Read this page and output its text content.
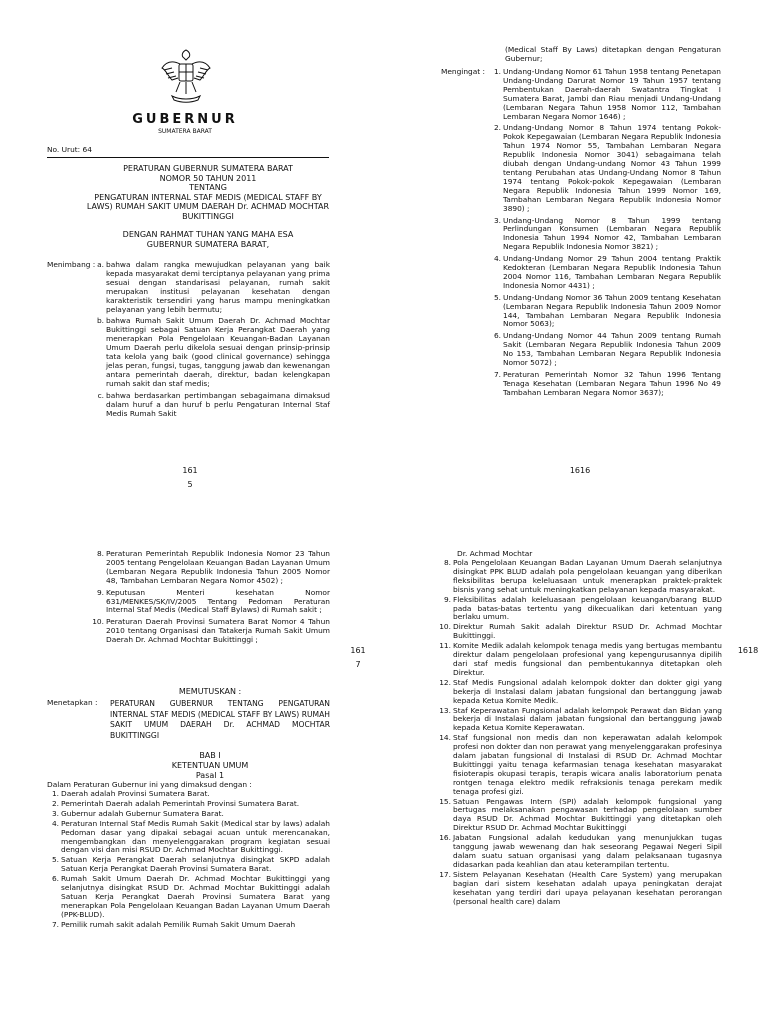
GUBERNUR
SUMATERA BARAT
No. Urut: 64
PERATURAN GUBERNUR SUMATERA BARAT
NOMOR 50 TAHUN 2011
TENTANG
PENGATURAN INTERNAL STAF MEDIS (MEDICAL STAFF BY LAWS) RUMAH SAKIT UMUM DAERAH Dr. ACHMAD MOCHTAR BUKITTINGGI
DENGAN RAHMAT TUHAN YANG MAHA ESA
GUBERNUR SUMATERA BARAT,
Menimbang : a. bahwa dalam rangka mewujudkan pelayanan yang baik kepada masyarakat demi terciptanya pelayanan yang prima sesuai dengan standarisasi pelayanan, rumah sakit merupakan institusi pelayanan kesehatan dengan karakteristik tersendiri yang harus mampu meningkatkan pelayanan yang lebih bermutu;
b. bahwa Rumah Sakit Umum Daerah Dr. Achmad Mochtar Bukittinggi sebagai Satuan Kerja Perangkat Daerah yang menerapkan Pola Pengelolaan Keuangan-Badan Layanan Umum Daerah perlu dikelola sesuai dengan prinsip-prinsip tata kelola yang baik (good clinical governance) sehingga jelas peran, fungsi, tugas, tanggung jawab dan kewenangan antara pemerintah daerah, direktur, badan kelengkapan rumah sakit dan staf medis;
c. bahwa berdasarkan pertimbangan sebagaimana dimaksud dalam huruf a dan huruf b perlu Pengaturan Internal Staf Medis Rumah Sakit
(Medical Staff By Laws) ditetapkan dengan Pengaturan Gubernur;
Mengingat :	1. Undang-Undang Nomor 61 Tahun 1958 tentang Penetapan Undang-Undang Darurat Nomor 19 Tahun 1957 tentang Pembentukan Daerah-daerah Swatantra Tingkat I Sumatera Barat, Jambi dan Riau menjadi Undang-Undang (Lembaran Negara Tahun 1958 Nomor 112, Tambahan Lembaran Negara Nomor 1646) ;
2. Undang-Undang Nomor 8 Tahun 1974 tentang Pokok-Pokok Kepegawaian (Lembaran Negara Republik Indonesia Tahun 1974 Nomor 55, Tambahan Lembaran Negara Republik Indonesia Nomor 3041) sebagaimana telah diubah dengan Undang-undang Nomor 43 Tahun 1999 tentang Perubahan atas Undang-Undang Nomor 8 Tahun 1974 tentang Pokok-pokok Kepegawaian (Lembaran Negara Republik Indonesia Tahun 1999 Nomor 169, Tambahan Lembaran Negara Republik Indonesia Nomor 3890) ;
3. Undang-Undang Nomor 8 Tahun 1999 tentang Perlindungan Konsumen (Lembaran Negara Republik Indonesia Tahun 1994 Nomor 42, Tambahan Lembaran Negara Republik Indonesia Nomor 3821) ;
4. Undang-Undang Nomor 29 Tahun 2004 tentang Praktik Kedokteran (Lembaran Negara Republik Indonesia Tahun 2004 Nomor 116, Tambahan Lembaran Negara Republik Indonesia Nomor 4431) ;
5. Undang-Undang Nomor 36 Tahun 2009 tentang Kesehatan (Lembaran Negara Republik Indonesia Tahun 2009 Nomor 144, Tambahan Lembaran Negara Republik Indonesia Nomor 5063);
6. Undang-Undang Nomor 44 Tahun 2009 tentang Rumah Sakit (Lembaran Negara Republik Indonesia Tahun 2009 No 153, Tambahan Lembaran Negara Republik Indonesia Nomor 5072) ;
7. Peraturan Pemerintah Nomor 32 Tahun 1996 Tentang Tenaga Kesehatan (Lembaran Negara Tahun 1996 No 49 Tambahan Lembaran Negara Nomor 3637);
161
5
1616
161
7
1618
8. Peraturan Pemerintah Republik Indonesia Nomor 23 Tahun 2005 tentang Pengelolaan Keuangan Badan Layanan Umum (Lembaran Negara Republik Indonesia Tahun 2005 Nomor 48, Tambahan Lembaran Negara Nomor 4502) ;
9. Keputusan Menteri kesehatan Nomor 631/MENKES/SK/IV/2005 Tentang Pedoman Peraturan Internal Staf Medis (Medical Staff Bylaws) di Rumah sakit ;
10. Peraturan Daerah Provinsi Sumatera Barat Nomor 4 Tahun 2010 tentang Organisasi dan Tatakerja Rumah Sakit Umum Daerah Dr. Achmad Mochtar Bukittinggi ;
MEMUTUSKAN :
Menetapkan :	PERATURAN GUBERNUR TENTANG PENGATURAN INTERNAL STAF MEDIS (MEDICAL STAFF BY LAWS) RUMAH SAKIT UMUM DAERAH Dr. ACHMAD MOCHTAR BUKITTINGGI
BAB I
KETENTUAN UMUM
Pasal 1
Dalam Peraturan Gubernur ini yang dimaksud dengan :
1. Daerah adalah Provinsi Sumatera Barat.
2. Pemerintah Daerah adalah Pemerintah Provinsi Sumatera Barat.
3. Gubernur adalah Gubernur Sumatera Barat.
4. Peraturan Internal Staf Medis Rumah Sakit (Medical star by laws) adalah Pedoman dasar yang dipakai sebagai acuan untuk merencanakan, mengembangkan dan menyelenggarakan program kegiatan sesuai dengan visi dan misi RSUD Dr. Achmad Mochtar Bukittinggi.
5. Satuan Kerja Perangkat Daerah selanjutnya disingkat SKPD adalah Satuan Kerja Perangkat Daerah Provinsi Sumatera Barat.
6. Rumah Sakit Umum Daerah Dr. Achmad Mochtar Bukittinggi yang selanjutnya disingkat RSUD Dr. Achmad Mochtar Bukittinggi adalah Satuan Kerja Perangkat Daerah Provinsi Sumatera Barat yang menerapkan Pola Pengelolaan Keuangan Badan Layanan Umum Daerah (PPK-BLUD).
7. Pemilik rumah sakit adalah Pemilik Rumah Sakit Umum Daerah
Dr. Achmad Mochtar
8. Pola Pengelolaan Keuangan Badan Layanan Umum Daerah selanjutnya disingkat PPK BLUD adalah pola pengelolaan keuangan yang diberikan fleksibilitas berupa keleluasaan untuk menerapkan praktek-praktek bisnis yang sehat untuk meningkatkan pelayanan kepada masyarakat.
9. Fleksibilitas adalah keleluasaan pengelolaan keuangan/barang BLUD pada batas-batas tertentu yang dikecualikan dari ketentuan yang berlaku umum.
10. Direktur Rumah Sakit adalah Direktur RSUD Dr. Achmad Mochtar Bukittinggi.
11. Komite Medik adalah kelompok tenaga medis yang bertugas membantu direktur dalam pengelolaan profesional yang kepengurusannya dipilih dari staf medis fungsional dan pembentukannya ditetapkan oleh Direktur.
12. Staf Medis Fungsional adalah kelompok dokter dan dokter gigi yang bekerja di Instalasi dalam jabatan fungsional dan bertanggung jawab kepada Ketua Komite Medik.
13. Staf Keperawatan Fungsional adalah kelompok Perawat dan Bidan yang bekerja di Instalasi dalam jabatan fungsional dan bertanggung jawab kepada Ketua Komite Keperawatan.
14. Staf fungsional non medis dan non keperawatan adalah kelompok profesi non dokter dan non perawat yang menyelenggarakan profesinya dalam jabatan fungsional di Instalasi di RSUD Dr. Achmad Mochtar Bukittinggi yaitu tenaga kefarmasian tenaga kesehatan masyarakat fisioterapis okupasi terapis, terapis wicara analis laboratorium penata rontgen tenaga elektro medik refraksionis tenaga perekam medik tenaga profesi gizi.
15. Satuan Pengawas Intern (SPI) adalah kelompok fungsional yang bertugas melaksanakan pengawasan terhadap pengelolaan sumber daya RSUD Dr. Achmad Mochtar Bukittinggi yang ditetapkan oleh Direktur RSUD Dr. Achmad Mochtar Bukittinggi
16. Jabatan Fungsional adalah kedudukan yang menunjukkan tugas tanggung jawab wewenang dan hak seseorang Pegawai Negeri Sipil dalam suatu satuan organisasi yang dalam pelaksanaan tugasnya didasarkan pada keahlian dan atau keterampilan tertentu.
17. Sistem Pelayanan Kesehatan (Health Care System) yang merupakan bagian dari sistem kesehatan adalah upaya peningkatan derajat kesehatan yang terdiri dari upaya pelayanan kesehatan perorangan (personal health care) dalam
